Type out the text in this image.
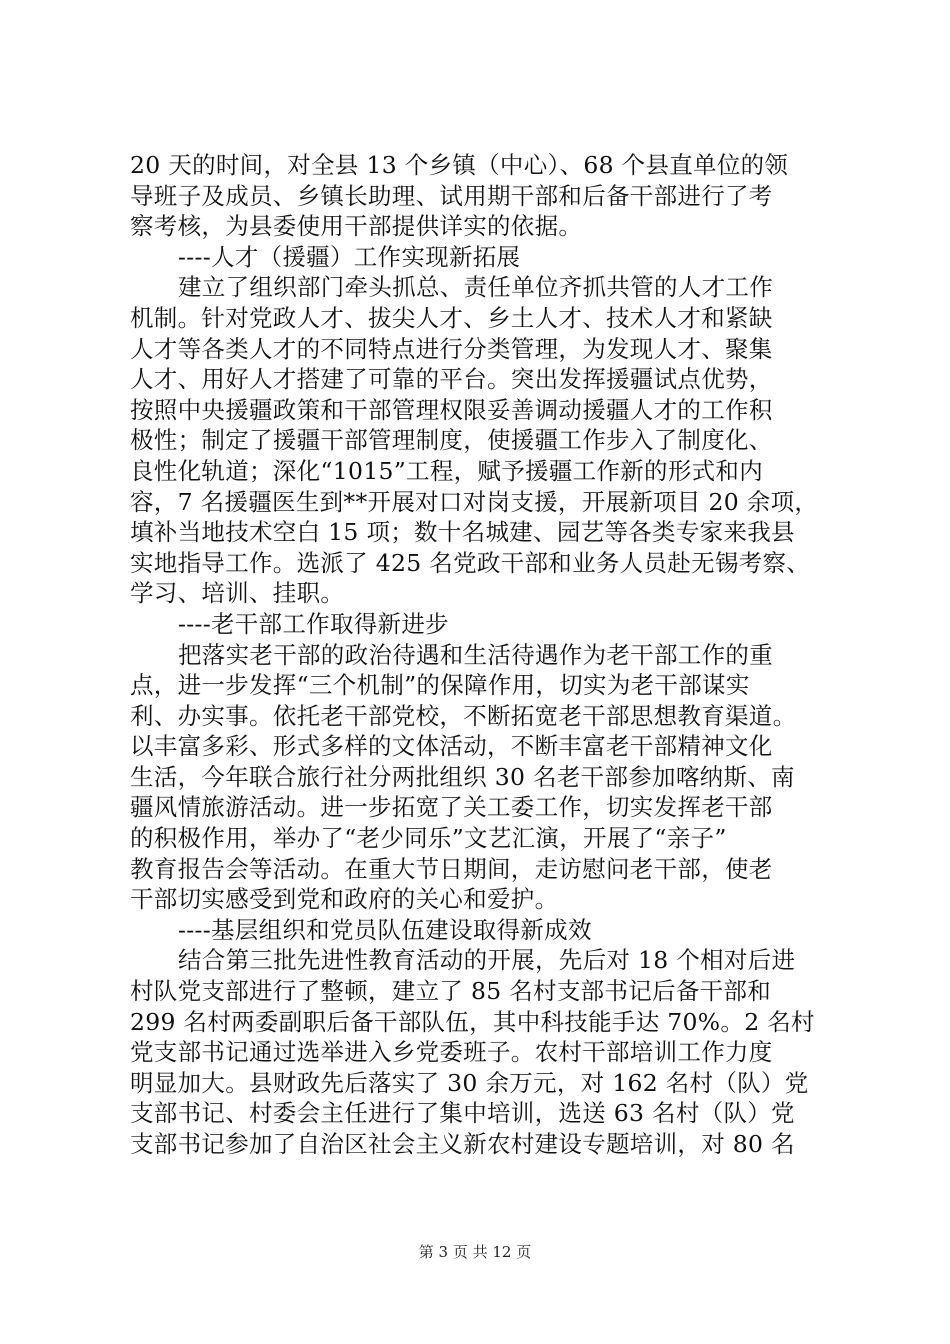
20 天的时间，对全县 13 个乡镇（中心）、68 个县直单位的领
导班子及成员、乡镇长助理、试用期干部和后备干部进行了考
察考核，为县委使用干部提供详实的依据。
----人才（援疆）工作实现新拓展
建立了组织部门牵头抓总、责任单位齐抓共管的人才工作
机制。针对党政人才、拔尖人才、乡土人才、技术人才和紧缺
人才等各类人才的不同特点进行分类管理，为发现人才、聚集
人才、用好人才搭建了可靠的平台。突出发挥援疆试点优势，
按照中央援疆政策和干部管理权限妥善调动援疆人才的工作积
极性；制定了援疆干部管理制度，使援疆工作步入了制度化、
良性化轨道；深化“1015”工程，赋予援疆工作新的形式和内
容，7 名援疆医生到**开展对口对岗支援，开展新项目 20 余项，
填补当地技术空白 15 项；数十名城建、园艺等各类专家来我县
实地指导工作。选派了 425 名党政干部和业务人员赴无锡考察、
学习、培训、挂职。
----老干部工作取得新进步
把落实老干部的政治待遇和生活待遇作为老干部工作的重
点，进一步发挥“三个机制”的保障作用，切实为老干部谋实
利、办实事。依托老干部党校，不断拓宽老干部思想教育渠道。
以丰富多彩、形式多样的文体活动，不断丰富老干部精神文化
生活，今年联合旅行社分两批组织 30 名老干部参加喀纳斯、南
疆风情旅游活动。进一步拓宽了关工委工作，切实发挥老干部
的积极作用，举办了“老少同乐”文艺汇演，开展了“亲子”
教育报告会等活动。在重大节日期间，走访慰问老干部，使老
干部切实感受到党和政府的关心和爱护。
----基层组织和党员队伍建设取得新成效
结合第三批先进性教育活动的开展，先后对 18 个相对后进
村队党支部进行了整顿，建立了 85 名村支部书记后备干部和
299 名村两委副职后备干部队伍，其中科技能手达 70%。2 名村
党支部书记通过选举进入乡党委班子。农村干部培训工作力度
明显加大。县财政先后落实了 30 余万元，对 162 名村（队）党
支部书记、村委会主任进行了集中培训，选送 63 名村（队）党
支部书记参加了自治区社会主义新农村建设专题培训，对 80 名
第 3 页 共 12 页
